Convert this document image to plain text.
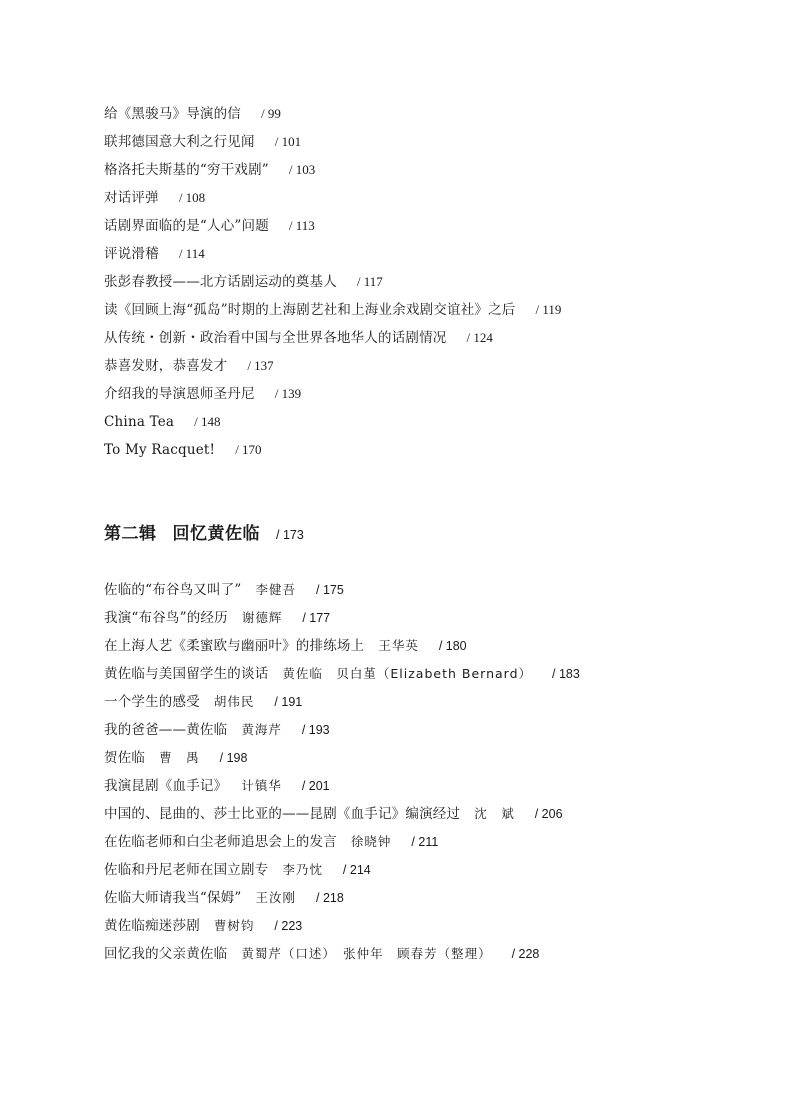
给《黑骏马》导演的信 / 99
联邦德国意大利之行见闻 / 101
格洛托夫斯基的“穷干戏剧” / 103
对话评弹 / 108
话剧界面临的是“人心”问题 / 113
评说滑稽 / 114
张彭春教授——北方话剧运动的奠基人 / 117
读《回顾上海“孤岛”时期的上海剧艺社和上海业余戏剧交谊社》之后 / 119
从传统・创新・政治看中国与全世界各地华人的话剧情况 / 124
恭喜发财，恭喜发才 / 137
介绍我的导演恩师圣丹尼 / 139
China Tea / 148
To My Racquet! / 170
第二辑 回忆黄佐临 / 173
佐临的“布谷鸟又叫了” 李健吾 / 175
我演“布谷鸟”的经历 谢德辉 / 177
在上海人艺《柔蜜欧与幽丽叶》的排练场上 王华英 / 180
黄佐临与美国留学生的谈话 黄佐临　贝白堇（Elizabeth Bernard） / 183
一个学生的感受 胡伟民 / 191
我的爸爸——黄佐临 黄海芹 / 193
贺佐临 曹　禺 / 198
我演昆剧《血手记》 计镇华 / 201
中国的、昆曲的、莎士比亚的——昆剧《血手记》编演经过 沈　斌 / 206
在佐临老师和白尘老师追思会上的发言 徐晓钟 / 211
佐临和丹尼老师在国立剧专 李乃忱 / 214
佐临大师请我当“保姆” 王汝刚 / 218
黄佐临痴迷莎剧 曹树钧 / 223
回忆我的父亲黄佐临 黄蜀芹（口述）　张仲年　顾春芳（整理） / 228
